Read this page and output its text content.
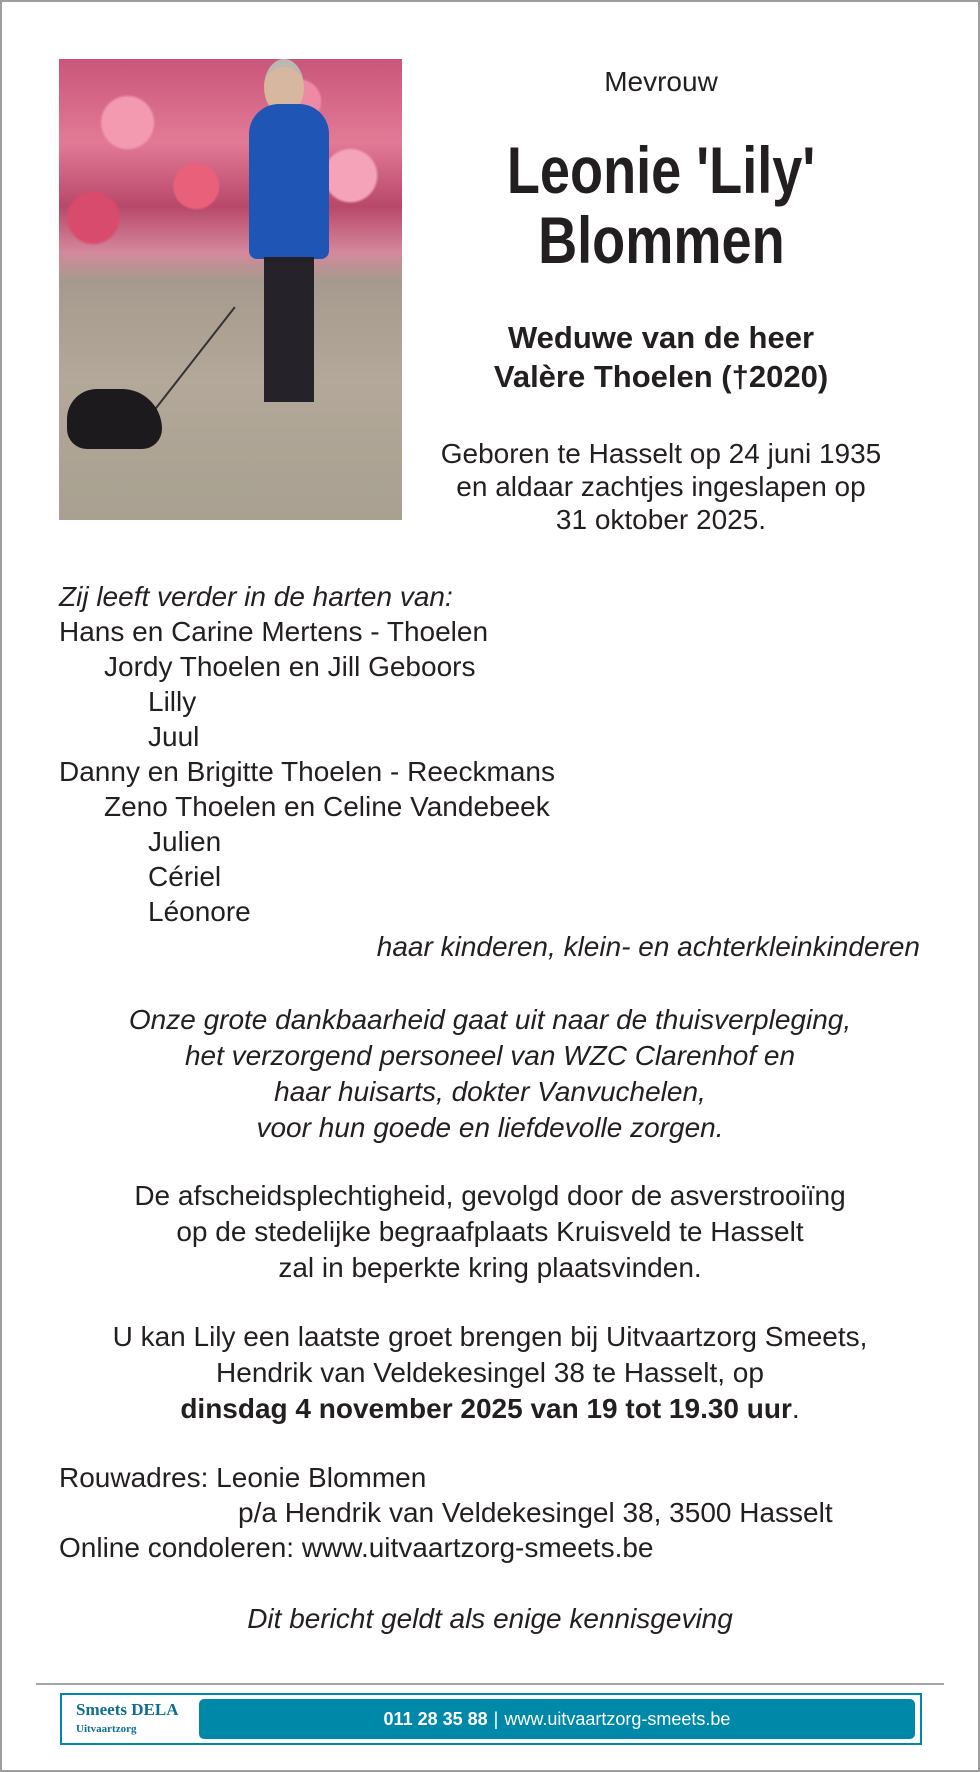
Mevrouw
Leonie 'Lily'
Blommen
Weduwe van de heer
Valère Thoelen (†2020)
Geboren te Hasselt op 24 juni 1935
en aldaar zachtjes ingeslapen op
31 oktober 2025.
Zij leeft verder in de harten van:
Hans en Carine Mertens - Thoelen
Jordy Thoelen en Jill Geboors
Lilly
Juul
Danny en Brigitte Thoelen - Reeckmans
Zeno Thoelen en Celine Vandebeek
Julien
Cériel
Léonore
haar kinderen, klein- en achterkleinkinderen
Onze grote dankbaarheid gaat uit naar de thuisverpleging,
het verzorgend personeel van WZC Clarenhof en
haar huisarts, dokter Vanvuchelen,
voor hun goede en liefdevolle zorgen.
De afscheidsplechtigheid, gevolgd door de asverstrooiïng
op de stedelijke begraafplaats Kruisveld te Hasselt
zal in beperkte kring plaatsvinden.
U kan Lily een laatste groet brengen bij Uitvaartzorg Smeets,
Hendrik van Veldekesingel 38 te Hasselt, op
dinsdag 4 november 2025 van 19 tot 19.30 uur.
Rouwadres: Leonie Blommen
p/a Hendrik van Veldekesingel 38, 3500 Hasselt
Online condoleren: www.uitvaartzorg-smeets.be
Dit bericht geldt als enige kennisgeving
Smeets DELA
Uitvaartzorg
011 28 35 88 | www.uitvaartzorg-smeets.be
